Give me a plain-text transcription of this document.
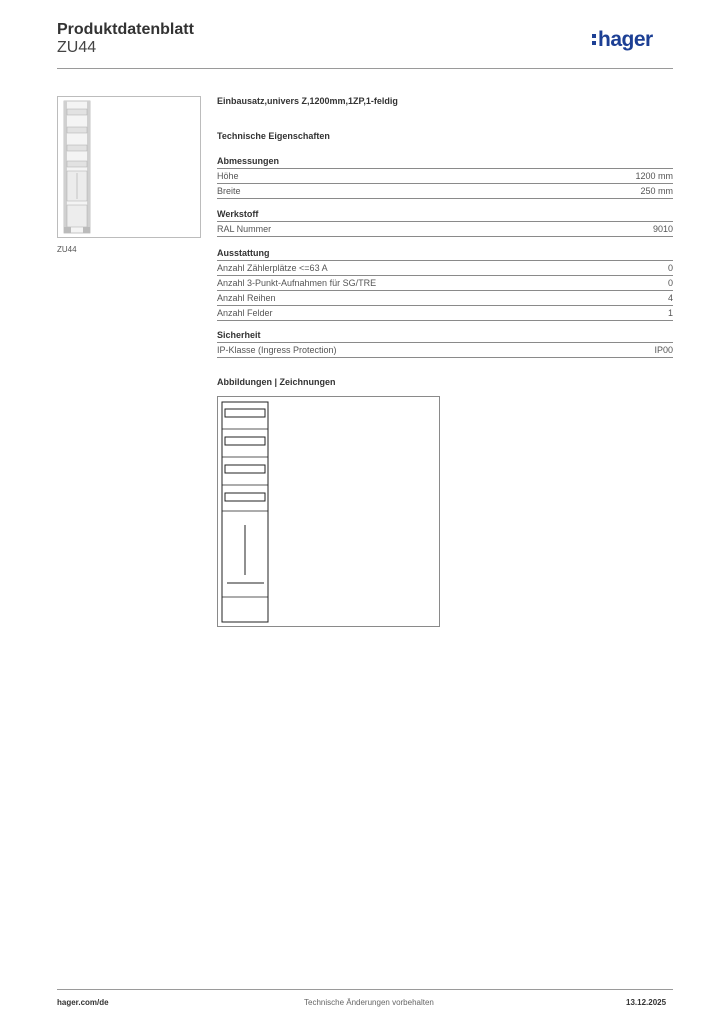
Produktdatenblatt
ZU44	hager
ZU44
Einbausatz,univers Z,1200mm,1ZP,1-feldig
Technische Eigenschaften
Abmessungen
Höhe	1200 mm
Breite	250 mm
Werkstoff
RAL Nummer	9010
Ausstattung
Anzahl Zählerplätze <=63 A	0
Anzahl 3-Punkt-Aufnahmen für SG/TRE	0
Anzahl Reihen	4
Anzahl Felder	1
Sicherheit
IP-Klasse (Ingress Protection)	IP00
Abbildungen | Zeichnungen
hager.com/de	Technische Änderungen vorbehalten	13.12.2025
